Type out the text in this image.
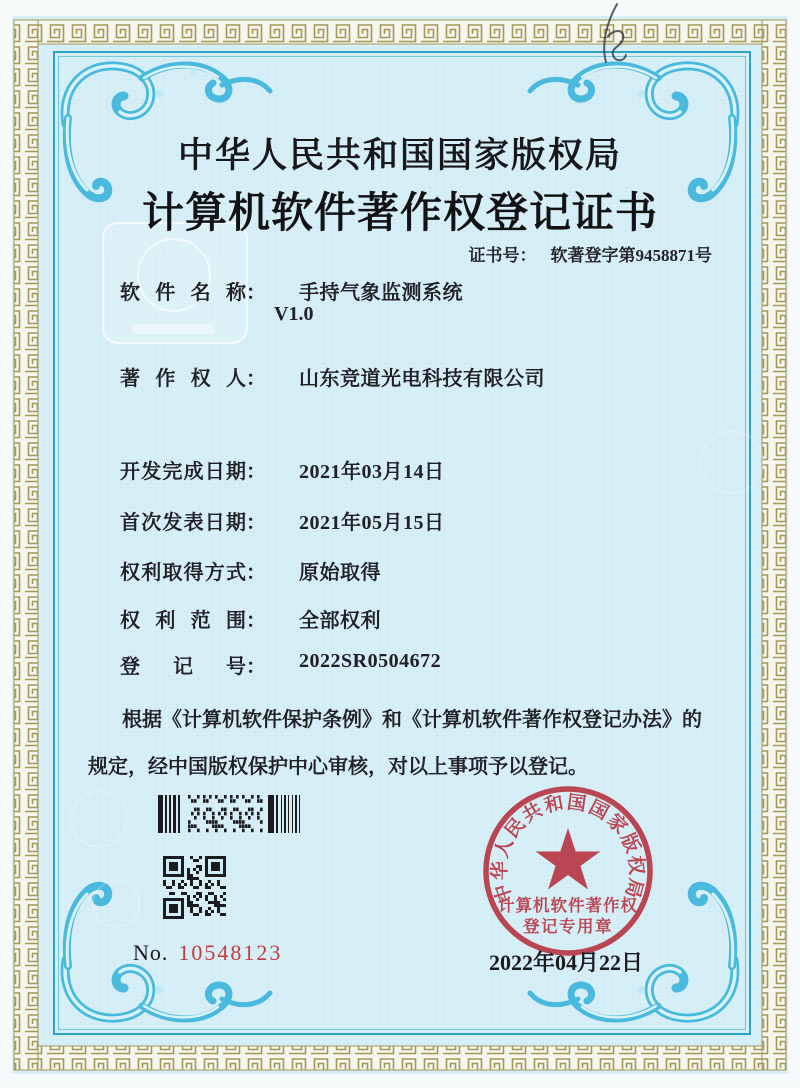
中华人民共和国国家版权局
计算机软件著作权登记证书
证书号： 软著登字第9458871号
软件名称： 手持气象监测系统
V1.0
著作权人： 山东竞道光电科技有限公司
开发完成日期： 2021年03月14日
首次发表日期： 2021年05月15日
权利取得方式： 原始取得
权利范围： 全部权利
登记号： 2022SR0504672
根据《计算机软件保护条例》和《计算机软件著作权登记办法》的
规定，经中国版权保护中心审核，对以上事项予以登记。
No. 10548123
中华人民共和国国家版权局
计算机软件著作权
登记专用章
2022年04月22日
